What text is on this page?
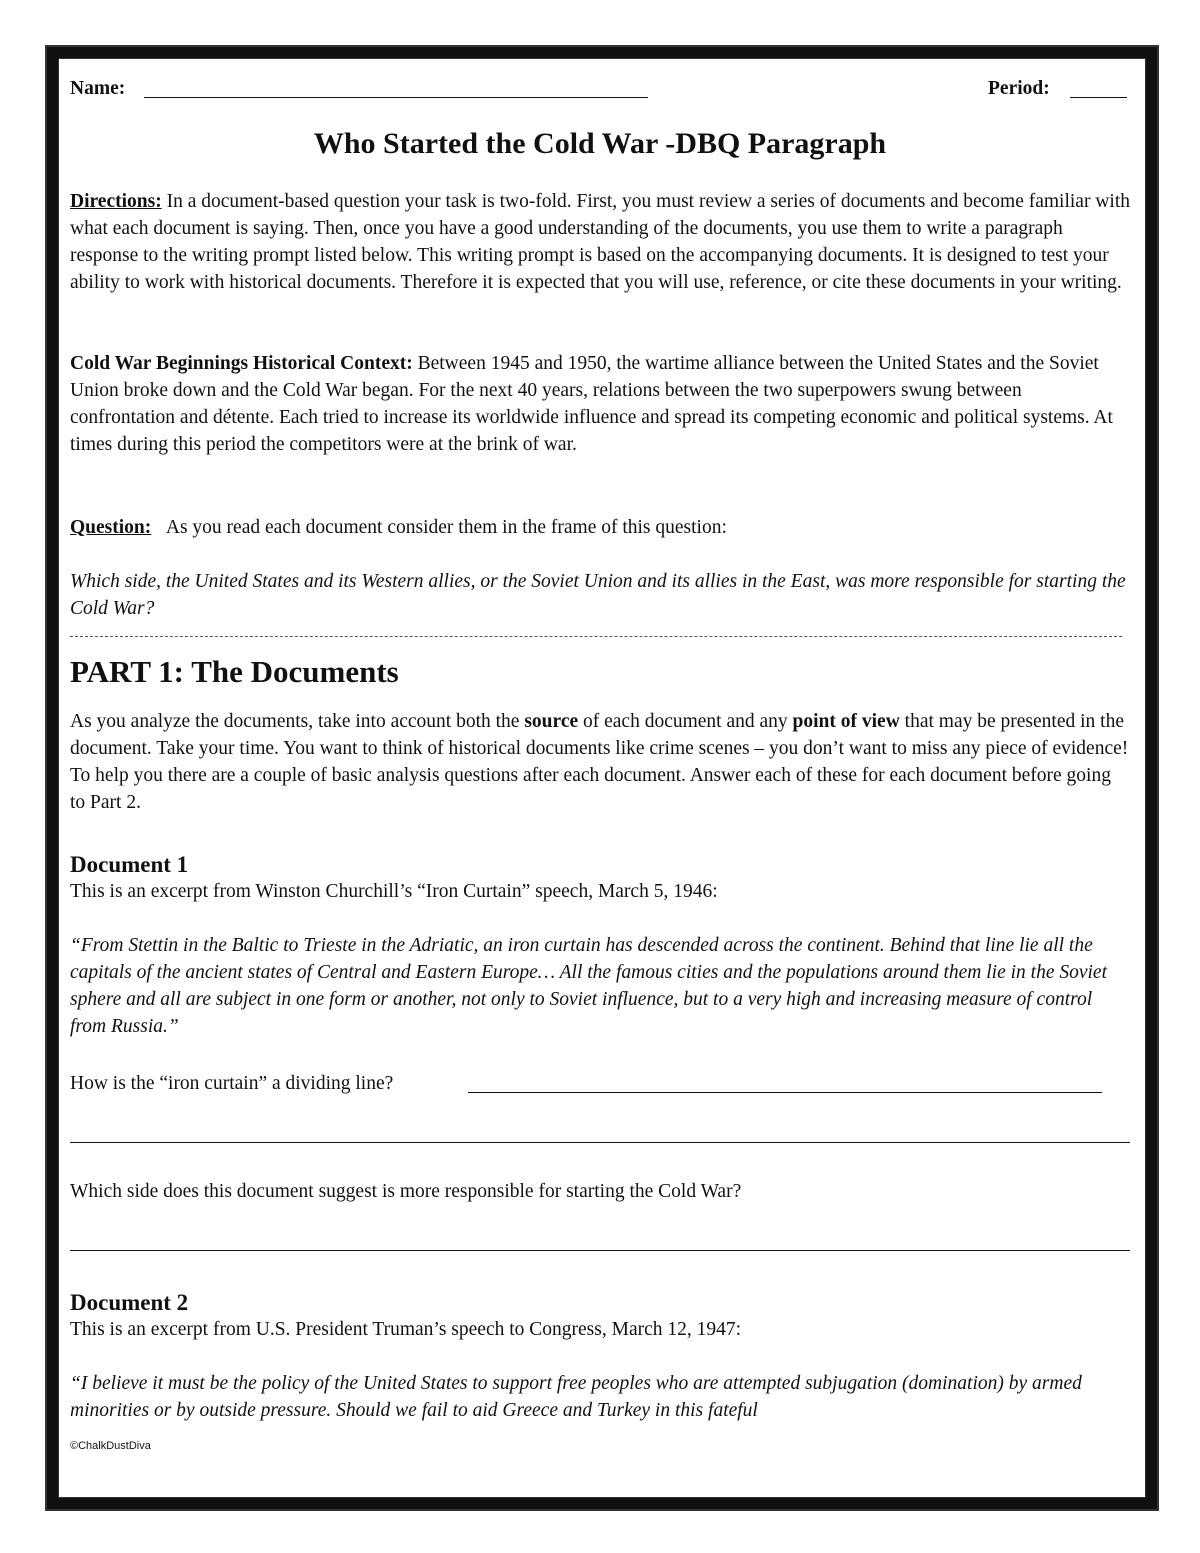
Name:	Period:
Who Started the Cold War -DBQ Paragraph

Directions: In a document-based question your task is two-fold. First, you must review a series of documents and become familiar with what each document is saying. Then, once you have a good understanding of the documents, you use them to write a paragraph response to the writing prompt listed below. This writing prompt is based on the accompanying documents. It is designed to test your ability to work with historical documents. Therefore it is expected that you will use, reference, or cite these documents in your writing.

Cold War Beginnings Historical Context: Between 1945 and 1950, the wartime alliance between the United States and the Soviet Union broke down and the Cold War began. For the next 40 years, relations between the two superpowers swung between confrontation and détente. Each tried to increase its worldwide influence and spread its competing economic and political systems. At times during this period the competitors were at the brink of war.

Question: As you read each document consider them in the frame of this question:

Which side, the United States and its Western allies, or the Soviet Union and its allies in the East, was more responsible for starting the Cold War?

PART 1: The Documents

As you analyze the documents, take into account both the source of each document and any point of view that may be presented in the document. Take your time. You want to think of historical documents like crime scenes – you don’t want to miss any piece of evidence! To help you there are a couple of basic analysis questions after each document. Answer each of these for each document before going to Part 2.

Document 1

This is an excerpt from Winston Churchill’s “Iron Curtain” speech, March 5, 1946:

“From Stettin in the Baltic to Trieste in the Adriatic, an iron curtain has descended across the continent. Behind that line lie all the capitals of the ancient states of Central and Eastern Europe… All the famous cities and the populations around them lie in the Soviet sphere and all are subject in one form or another, not only to Soviet influence, but to a very high and increasing measure of control from Russia.”

How is the “iron curtain” a dividing line?

Which side does this document suggest is more responsible for starting the Cold War?

Document 2

This is an excerpt from U.S. President Truman’s speech to Congress, March 12, 1947:

“I believe it must be the policy of the United States to support free peoples who are attempted subjugation (domination) by armed minorities or by outside pressure. Should we fail to aid Greece and Turkey in this fateful

©ChalkDustDiva
